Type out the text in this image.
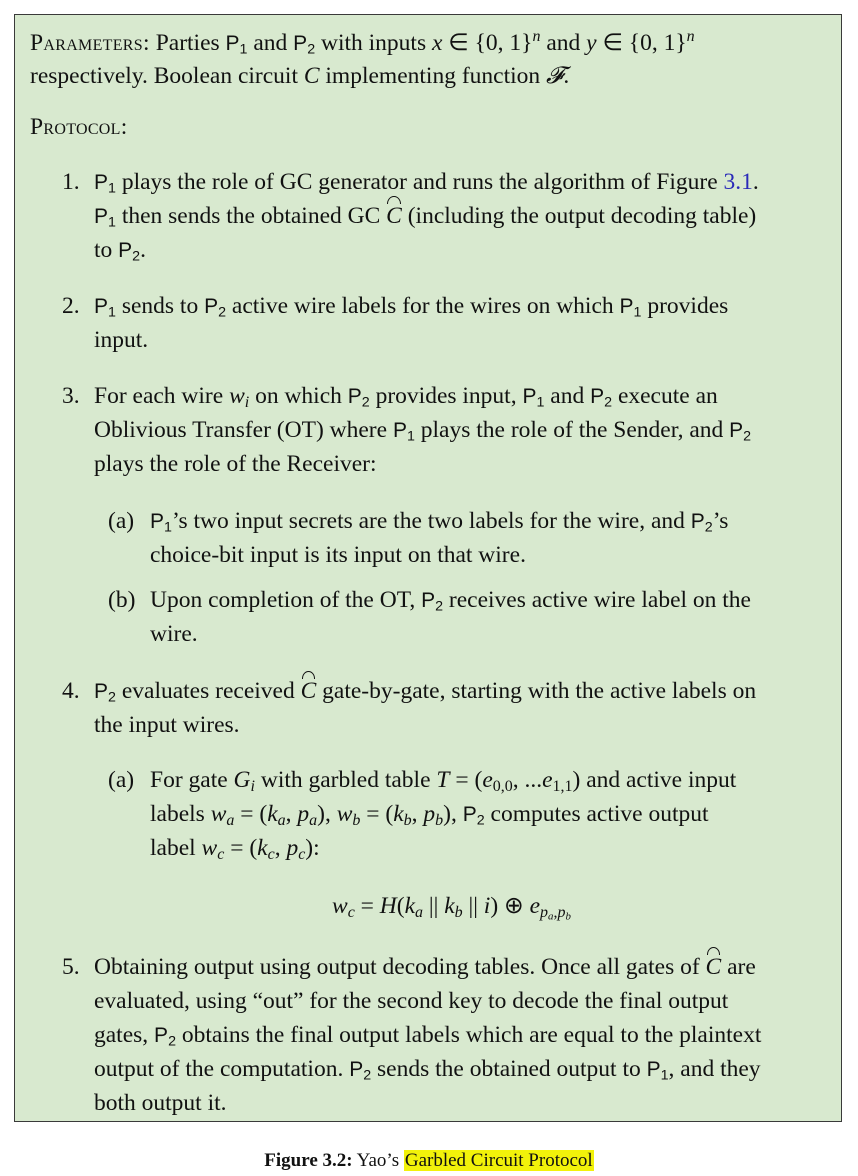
Parameters: Parties $P_1$ and $P_2$ with inputs x ∈ {0, 1}$^n$ and y ∈ {0, 1}$^n$
respectively. Boolean circuit C implementing function 𝓕.
Protocol:
1. $P_1$ plays the role of GC generator and runs the algorithm of Figure 3.1.
$P_1$ then sends the obtained GC C (including the output decoding table)
to $P_2$.
2. $P_1$ sends to $P_2$ active wire labels for the wires on which $P_1$ provides
input.
3. For each wire $w_i$ on which $P_2$ provides input, $P_1$ and $P_2$ execute an
Oblivious Transfer (OT) where $P_1$ plays the role of the Sender, and $P_2$
plays the role of the Receiver:
(a) $P_1’s$ two input secrets are the two labels for the wire, and $P_2’s$
choice-bit input is its input on that wire.
(b) Upon completion of the OT, $P_2$ receives active wire label on the
wire.
4. $P_2$ evaluates received C gate-by-gate, starting with the active labels on
the input wires.
(a) For gate $G_i$ with garbled table $T = (e_{0,0}$, $...e_{1,1}$) and active input
labels $w_a = (k_a$, $p_a$), $w_b = (k_b$, $p_b$), $P_2$ computes active output
label $w_c = (k_c$, $p_c$):
$w_c = H(k_a$ || $k_b$ || i) ⊕ $e_{p_a,p_b}$
5. Obtaining output using output decoding tables. Once all gates of C are
evaluated, using “out” for the second key to decode the final output
gates, $P_2$ obtains the final output labels which are equal to the plaintext
output of the computation. $P_2$ sends the obtained output to $P_1$, and they
both output it.
Figure 3.2: Yao’s Garbled Circuit Protocol
